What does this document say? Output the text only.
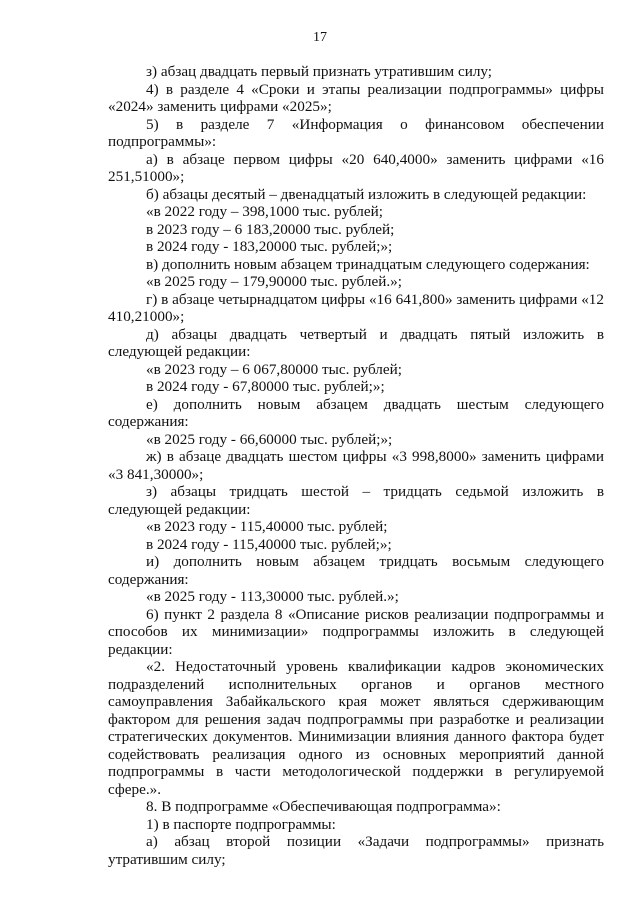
17

з) абзац двадцать первый признать утратившим силу;

4) в разделе 4 «Сроки и этапы реализации подпрограммы» цифры «2024» заменить цифрами «2025»;

5) в разделе 7 «Информация о финансовом обеспечении подпрограммы»:

а) в абзаце первом цифры «20 640,4000» заменить цифрами «16 251,51000»;

б) абзацы десятый – двенадцатый изложить в следующей редакции:

«в 2022 году – 398,1000 тыс. рублей;

в 2023 году – 6 183,20000 тыс. рублей;

в 2024 году - 183,20000 тыс. рублей;»;

в) дополнить новым абзацем тринадцатым следующего содержания:

«в 2025 году – 179,90000 тыс. рублей.»;

г) в абзаце четырнадцатом цифры «16 641,800» заменить цифрами «12 410,21000»;

д) абзацы двадцать четвертый и двадцать пятый изложить в следующей редакции:

«в 2023 году – 6 067,80000 тыс. рублей;

в 2024 году - 67,80000 тыс. рублей;»;

е) дополнить новым абзацем двадцать шестым следующего содержания:

«в 2025 году - 66,60000 тыс. рублей;»;

ж) в абзаце двадцать шестом цифры «3 998,8000» заменить цифрами «3 841,30000»;

з) абзацы тридцать шестой – тридцать седьмой изложить в следующей редакции:

«в 2023 году - 115,40000 тыс. рублей;

в 2024 году - 115,40000 тыс. рублей;»;

и) дополнить новым абзацем тридцать восьмым следующего содержания:

«в 2025 году - 113,30000 тыс. рублей.»;

6) пункт 2 раздела 8 «Описание рисков реализации подпрограммы и способов их минимизации» подпрограммы изложить в следующей редакции:

«2. Недостаточный уровень квалификации кадров экономических подразделений исполнительных органов и органов местного самоуправления Забайкальского края может являться сдерживающим фактором для решения задач подпрограммы при разработке и реализации стратегических документов. Минимизации влияния данного фактора будет содействовать реализация одного из основных мероприятий данной подпрограммы в части методологической поддержки в регулируемой сфере.».

8. В подпрограмме «Обеспечивающая подпрограмма»:

1) в паспорте подпрограммы:

а) абзац второй позиции «Задачи подпрограммы» признать утратившим силу;
